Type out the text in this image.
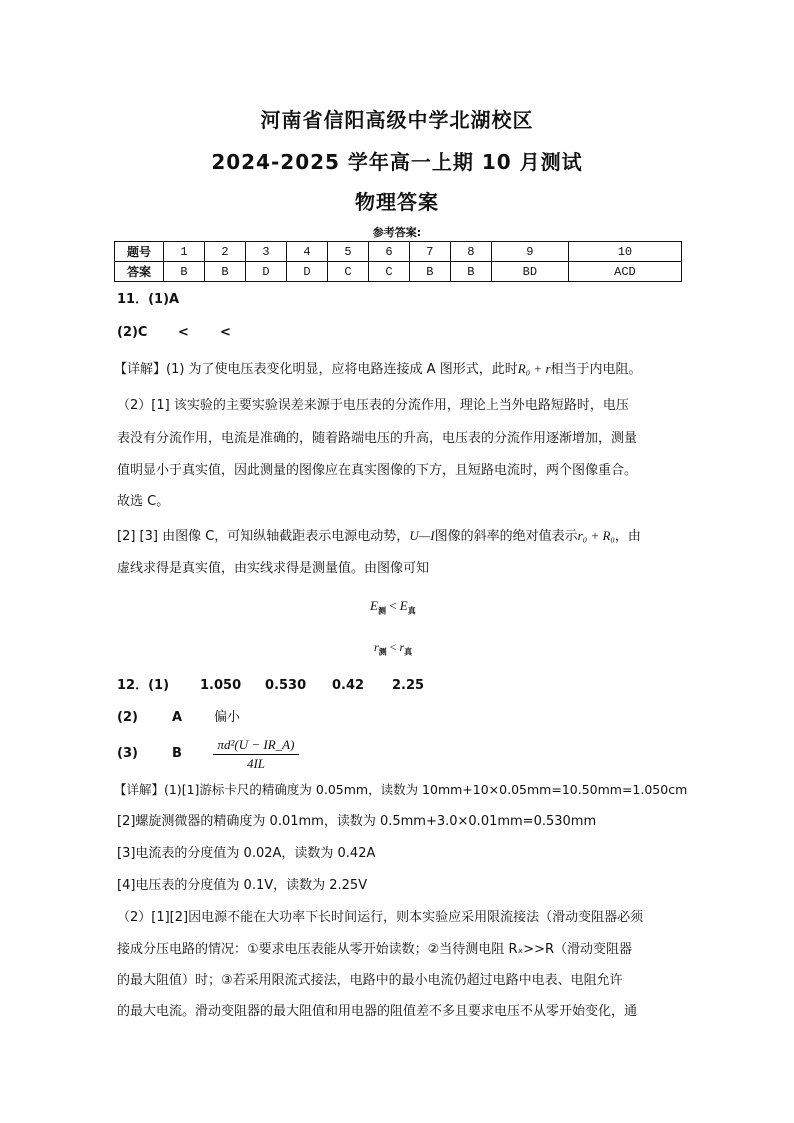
河南省信阳高级中学北湖校区
2024-2025 学年高一上期 10 月测试
物理答案
参考答案:
题号	1	2	3	4	5	6	7	8	9	10
答案	B	B	D	D	C	C	B	B	BD	ACD
11．(1)A
(2)C < <
【详解】(1) 为了使电压表变化明显，应将电路连接成 A 图形式，此时R₀ + r相当于内电阻。
（2）[1] 该实验的主要实验误差来源于电压表的分流作用，理论上当外电路短路时，电压
表没有分流作用，电流是准确的，随着路端电压的升高，电压表的分流作用逐渐增加，测量
值明显小于真实值，因此测量的图像应在真实图像的下方，且短路电流时，两个图像重合。
故选 C。
[2] [3] 由图像 C，可知纵轴截距表示电源电动势，U—I图像的斜率的绝对值表示r₀ + R₀，由
虚线求得是真实值，由实线求得是测量值。由图像可知
$E_测 < E_真$
$r_测 < r_真$
12．(1) 1.050 0.530 0.42 2.25
(2)	A 偏小
(3)	B $\frac{\text{πd²(U − IR\_A)}}{4IL}$
【详解】(1)[1]游标卡尺的精确度为 0.05mm，读数为 10mm+10×0.05mm=10.50mm=1.050cm
[2]螺旋测微器的精确度为 0.01mm，读数为 0.5mm+3.0×0.01mm=0.530mm
[3]电流表的分度值为 0.02A，读数为 0.42A
[4]电压表的分度值为 0.1V，读数为 2.25V
（2）[1][2]因电源不能在大功率下长时间运行，则本实验应采用限流接法（滑动变阻器必须
接成分压电路的情况：①要求电压表能从零开始读数；②当待测电阻 Rₓ>>R（滑动变阻器
的最大阻值）时；③若采用限流式接法，电路中的最小电流仍超过电路中电表、电阻允许
的最大电流。滑动变阻器的最大阻值和用电器的阻值差不多且要求电压不从零开始变化，通
